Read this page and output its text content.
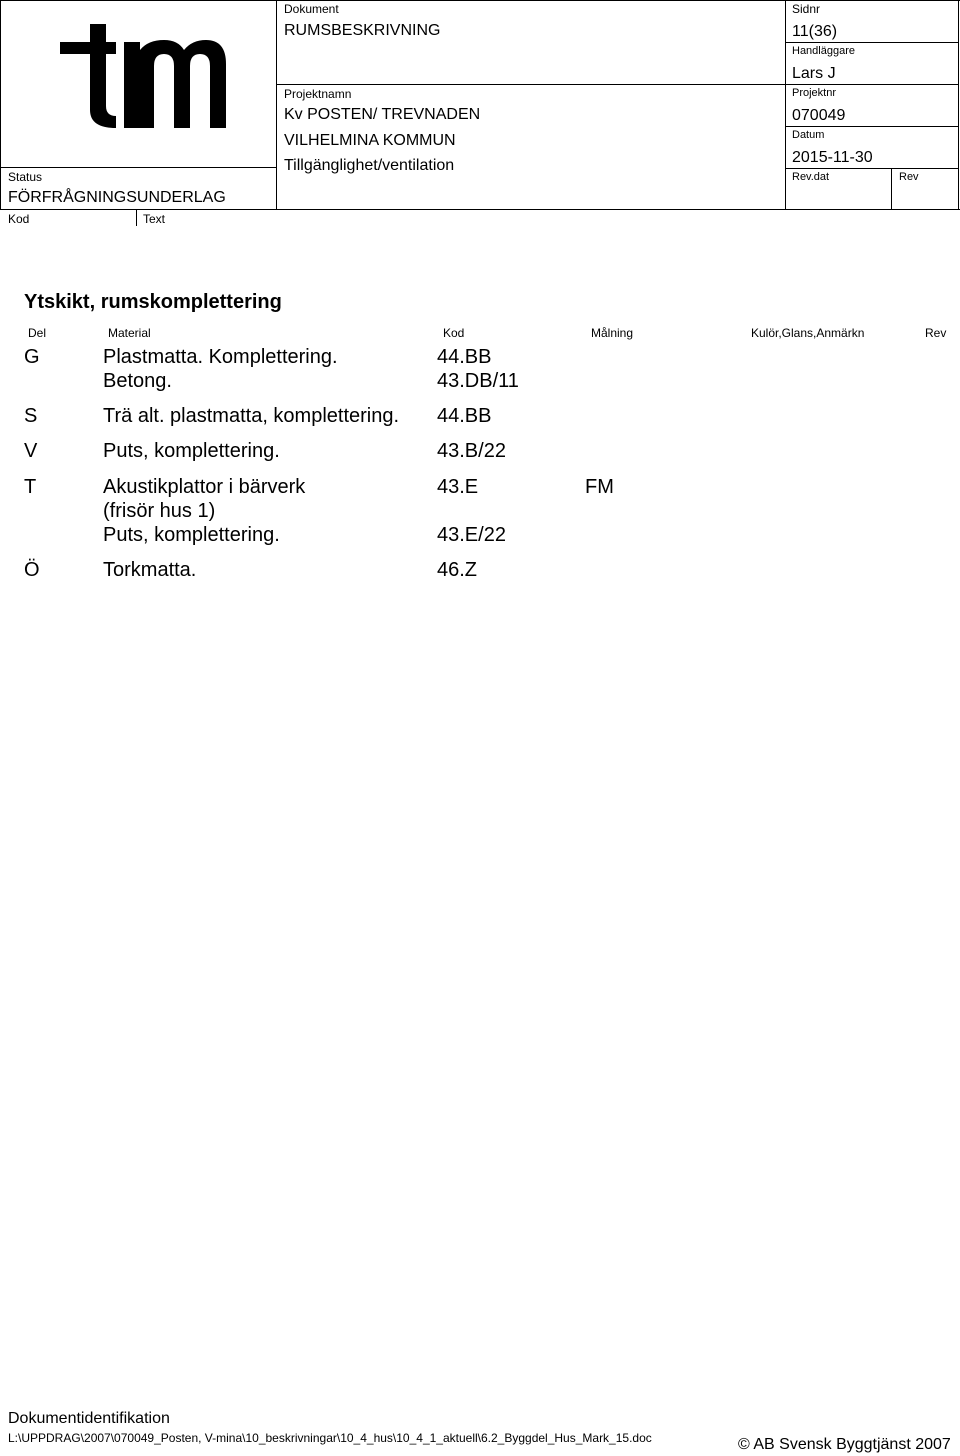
Status
FÖRFRÅGNINGSUNDERLAG
Kod	Text
Dokument
RUMSBESKRIVNING
Projektnamn
Kv POSTEN/ TREVNADEN
VILHELMINA KOMMUN
Tillgänglighet/ventilation
Sidnr
11(36)
Handläggare
Lars J
Projektnr
070049
Datum
2015-11-30
Rev.dat	Rev
Ytskikt, rumskomplettering
Del	Material	Kod	Målning	Kulör,Glans,Anmärkn	Rev
G	Plastmatta. Komplettering.	44.BB
Betong.	43.DB/11
S	Trä alt. plastmatta, komplettering. 44.BB
V	Puts, komplettering.	43.B/22
T	Akustikplattor i bärverk	43.E	FM
(frisör hus 1)
Puts, komplettering.	43.E/22
Ö	Torkmatta.	46.Z
Dokumentidentifikation
L:\UPPDRAG\2007\070049_Posten, V-mina\10_beskrivningar\10_4_hus\10_4_1_aktuell\6.2_Byggdel_Hus_Mark_15.doc	© AB Svensk Byggtjänst 2007
